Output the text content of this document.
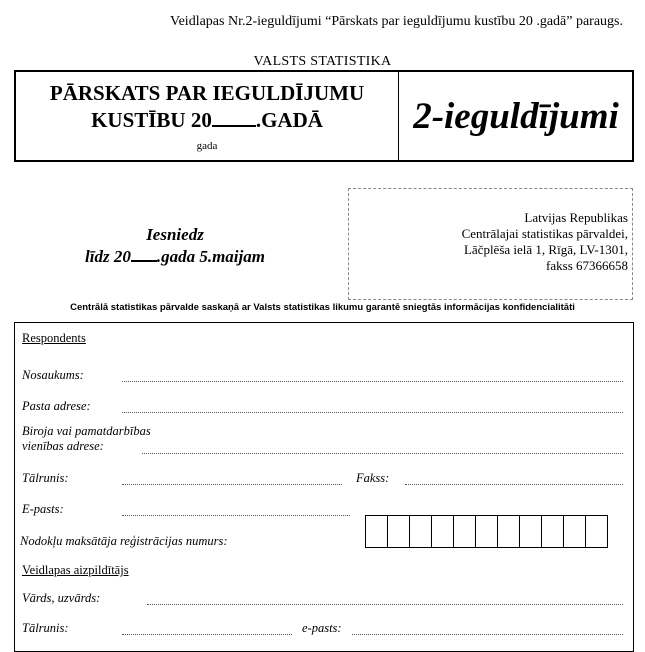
Veidlapas Nr.2-ieguldījumi “Pārskats par ieguldījumu kustību 20 .gadā” paraugs.
VALSTS STATISTIKA
PĀRSKATS PAR IEGULDĪJUMU
KUSTĪBU 20 .GADĀ
gada
2-ieguldījumi
Iesniedz
līdz 20 .gada 5.maijam
Latvijas Republikas
Centrālajai statistikas pārvaldei,
Lāčplēša ielā 1, Rīgā, LV-1301,
fakss 67366658
Centrālā statistikas pārvalde saskaņā ar Valsts statistikas likumu garantē sniegtās informācijas konfidencialitāti
Respondents
Nosaukums:
Pasta adrese:
Biroja vai pamatdarbības
vienības adrese:
Tālrunis:	Fakss:
E-pasts:
Nodokļu maksātāja reģistrācijas numurs:
Veidlapas aizpildītājs
Vārds, uzvārds:
Tālrunis:	e-pasts:
